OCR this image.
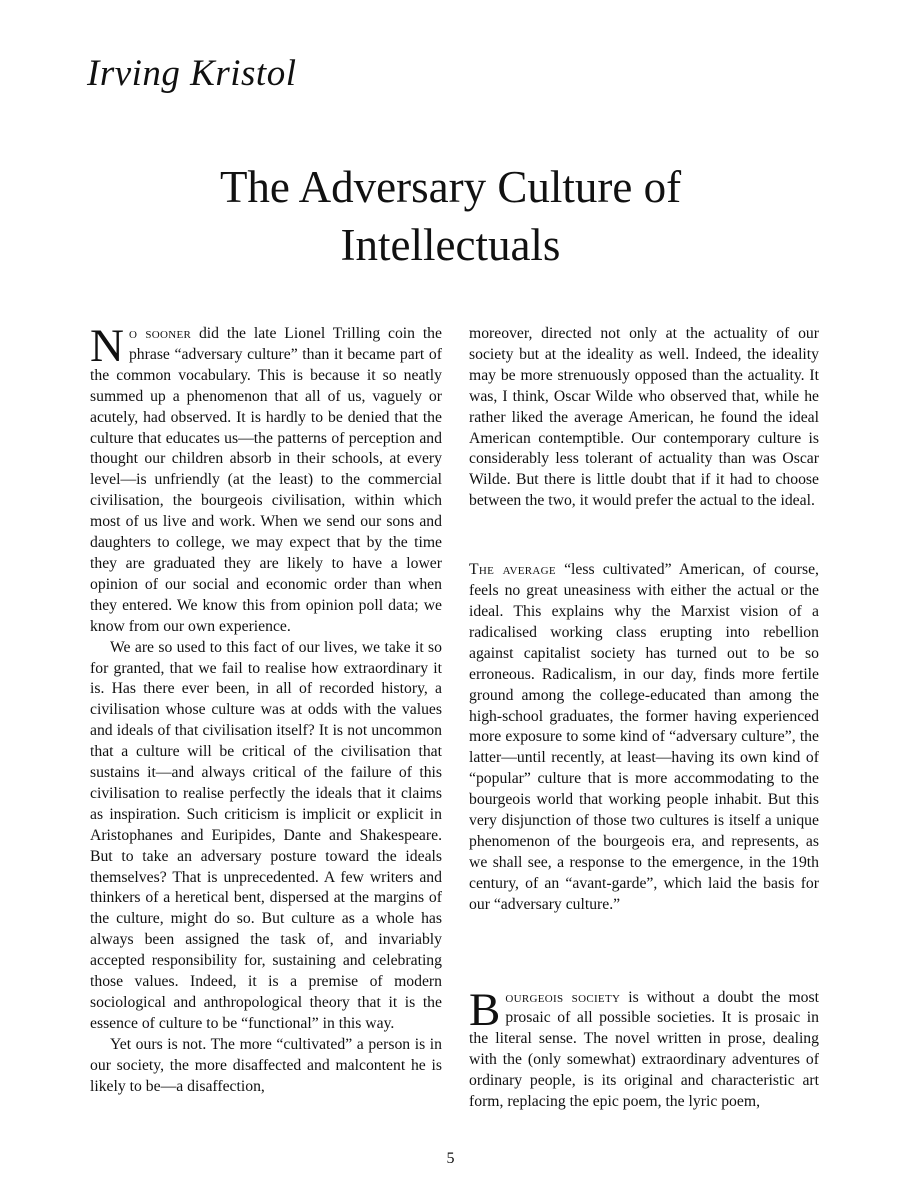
Irving Kristol
The Adversary Culture of
Intellectuals

No sooner did the late Lionel Trilling coin the phrase “adversary culture” than it became part of the common vocabulary. This is because it so neatly summed up a phenomenon that all of us, vaguely or acutely, had observed. It is hardly to be denied that the culture that educates us—the patterns of perception and thought our children absorb in their schools, at every level—is unfriendly (at the least) to the commercial civilisation, the bourgeois civilisation, within which most of us live and work. When we send our sons and daughters to college, we may expect that by the time they are graduated they are likely to have a lower opinion of our social and economic order than when they entered. We know this from opinion poll data; we know from our own experience.

We are so used to this fact of our lives, we take it so for granted, that we fail to realise how extraordinary it is. Has there ever been, in all of recorded history, a civilisation whose culture was at odds with the values and ideals of that civilisation itself? It is not uncommon that a culture will be critical of the civilisation that sustains it—and always critical of the failure of this civilisation to realise perfectly the ideals that it claims as inspiration. Such criticism is implicit or explicit in Aristophanes and Euripides, Dante and Shakespeare. But to take an adversary posture toward the ideals themselves? That is unprecedented. A few writers and thinkers of a heretical bent, dispersed at the margins of the culture, might do so. But culture as a whole has always been assigned the task of, and invariably accepted responsibility for, sustaining and celebrating those values. Indeed, it is a premise of modern sociological and anthropological theory that it is the essence of culture to be “functional” in this way.

Yet ours is not. The more “cultivated” a person is in our society, the more disaffected and malcontent he is likely to be—a disaffection,

moreover, directed not only at the actuality of our society but at the ideality as well. Indeed, the ideality may be more strenuously opposed than the actuality. It was, I think, Oscar Wilde who observed that, while he rather liked the average American, he found the ideal American contemptible. Our contemporary culture is considerably less tolerant of actuality than was Oscar Wilde. But there is little doubt that if it had to choose between the two, it would prefer the actual to the ideal.

The average “less cultivated” American, of course, feels no great uneasiness with either the actual or the ideal. This explains why the Marxist vision of a radicalised working class erupting into rebellion against capitalist society has turned out to be so erroneous. Radicalism, in our day, finds more fertile ground among the college-educated than among the high-school graduates, the former having experienced more exposure to some kind of “adversary culture”, the latter—until recently, at least—having its own kind of “popular” culture that is more accommodating to the bourgeois world that working people inhabit. But this very disjunction of those two cultures is itself a unique phenomenon of the bourgeois era, and represents, as we shall see, a response to the emergence, in the 19th century, of an “avant-garde”, which laid the basis for our “adversary culture.”

Bourgeois society is without a doubt the most prosaic of all possible societies. It is prosaic in the literal sense. The novel written in prose, dealing with the (only somewhat) extraordinary adventures of ordinary people, is its original and characteristic art form, replacing the epic poem, the lyric poem,

5
